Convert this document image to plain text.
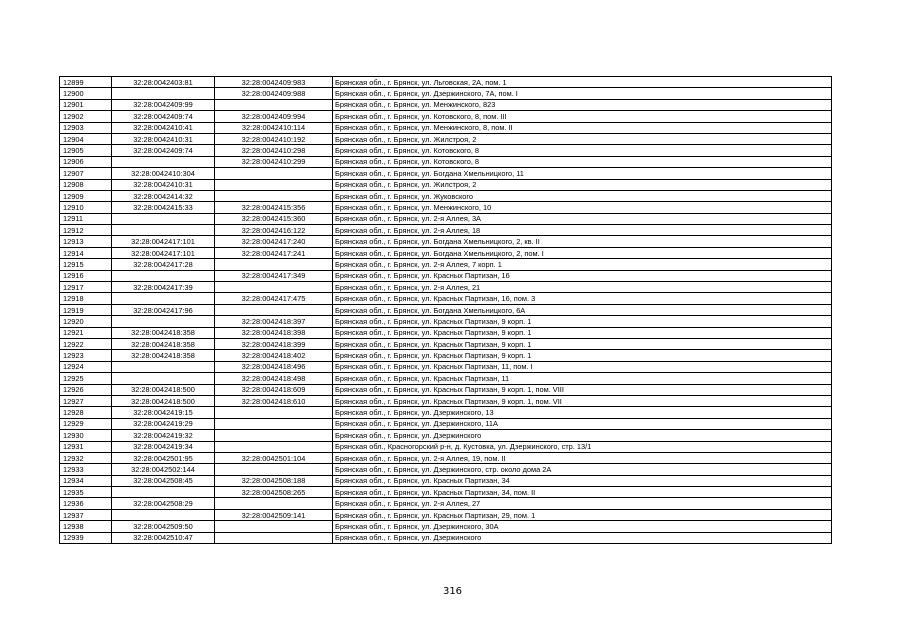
12899	32:28:0042403:81	32:28:0042409:983	Брянская обл., г. Брянск, ул. Льговская, 2А, пом. 1
12900		32:28:0042409:988	Брянская обл., г. Брянск, ул. Дзержинского, 7А, пом. I
12901	32:28:0042409:99		Брянская обл., г. Брянск, ул. Менжинского, 823
12902	32:28:0042409:74	32:28:0042409:994	Брянская обл., г. Брянск, ул. Котовского, 8, пом. III
12903	32:28:0042410:41	32:28:0042410:114	Брянская обл., г. Брянск, ул. Менжинского, 8, пом. II
12904	32:28:0042410:31	32:28:0042410:192	Брянская обл., г. Брянск, ул. Жилстроя, 2
12905	32:28:0042409:74	32:28:0042410:298	Брянская обл., г. Брянск, ул. Котовского, 8
12906		32:28:0042410:299	Брянская обл., г. Брянск, ул. Котовского, 8
12907	32:28:0042410:304		Брянская обл., г. Брянск, ул. Богдана Хмельницкого, 11
12908	32:28:0042410:31		Брянская обл., г. Брянск, ул. Жилстроя, 2
12909	32:28:0042414:32		Брянская обл., г. Брянск, ул. Жуковского
12910	32:28:0042415:33	32:28:0042415:356	Брянская обл., г. Брянск, ул. Менжинского, 10
12911		32:28:0042415:360	Брянская обл., г. Брянск, ул. 2-я Аллея, 3А
12912		32:28:0042416:122	Брянская обл., г. Брянск, ул. 2-я Аллея, 18
12913	32:28:0042417:101	32:28:0042417:240	Брянская обл., г. Брянск, ул. Богдана Хмельницкого, 2, кв. II
12914	32:28:0042417:101	32:28:0042417:241	Брянская обл., г. Брянск, ул. Богдана Хмельницкого, 2, пом. I
12915	32:28:0042417:28		Брянская обл., г. Брянск, ул. 2-я Аллея, 7 корп. 1
12916		32:28:0042417:349	Брянская обл., г. Брянск, ул. Красных Партизан, 16
12917	32:28:0042417:39		Брянская обл., г. Брянск, ул. 2-я Аллея, 21
12918		32:28:0042417:475	Брянская обл., г. Брянск, ул. Красных Партизан, 16, пом. 3
12919	32:28:0042417:96		Брянская обл., г. Брянск, ул. Богдана Хмельницкого, 6А
12920		32:28:0042418:397	Брянская обл., г. Брянск, ул. Красных Партизан, 9 корп. 1
12921	32:28:0042418:358	32:28:0042418:398	Брянская обл., г. Брянск, ул. Красных Партизан, 9 корп. 1
12922	32:28:0042418:358	32:28:0042418:399	Брянская обл., г. Брянск, ул. Красных Партизан, 9 корп. 1
12923	32:28:0042418:358	32:28:0042418:402	Брянская обл., г. Брянск, ул. Красных Партизан, 9 корп. 1
12924		32:28:0042418:496	Брянская обл., г. Брянск, ул. Красных Партизан, 11, пом. I
12925		32:28:0042418:498	Брянская обл., г. Брянск, ул. Красных Партизан, 11
12926	32:28:0042418:500	32:28:0042418:609	Брянская обл., г. Брянск, ул. Красных Партизан, 9 корп. 1, пом. VIII
12927	32:28:0042418:500	32:28:0042418:610	Брянская обл., г. Брянск, ул. Красных Партизан, 9 корп. 1, пом. VII
12928	32:28:0042419:15		Брянская обл., г. Брянск, ул. Дзержинского, 13
12929	32:28:0042419:29		Брянская обл., г. Брянск, ул. Дзержинского, 11А
12930	32:28:0042419:32		Брянская обл., г. Брянск, ул. Дзержинского
12931	32:28:0042419:34		Брянская обл., Красногорский р-н, д. Кустовка, ул. Дзержинского, стр. 13/1
12932	32:28:0042501:95	32:28:0042501:104	Брянская обл., г. Брянск, ул. 2-я Аллея, 19, пом. II
12933	32:28:0042502:144		Брянская обл., г. Брянск, ул. Дзержинского, стр. около дома 2А
12934	32:28:0042508:45	32:28:0042508:188	Брянская обл., г. Брянск, ул. Красных Партизан, 34
12935		32:28:0042508:265	Брянская обл., г. Брянск, ул. Красных Партизан, 34, пом. II
12936	32:28:0042508:29		Брянская обл., г. Брянск, ул. 2-я Аллея, 27
12937		32:28:0042509:141	Брянская обл., г. Брянск, ул. Красных Партизан, 29, пом. 1
12938	32:28:0042509:50		Брянская обл., г. Брянск, ул. Дзержинского, 30А
12939	32:28:0042510:47		Брянская обл., г. Брянск, ул. Дзержинского
316
